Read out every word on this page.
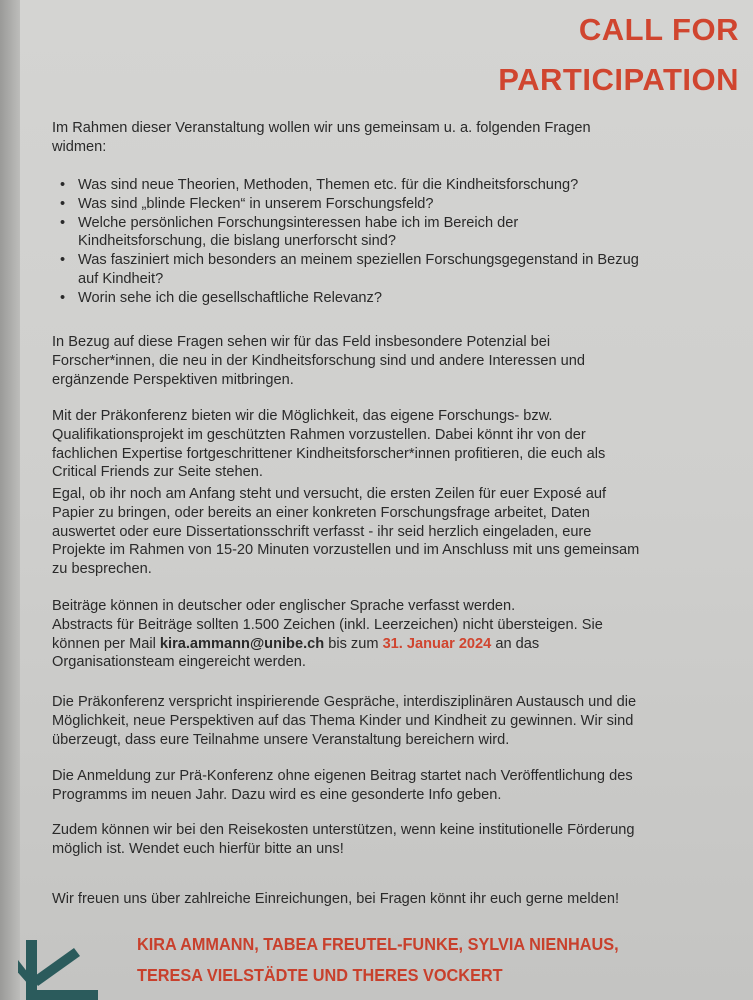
CALL FOR
PARTICIPATION
Im Rahmen dieser Veranstaltung wollen wir uns gemeinsam u. a. folgenden Fragen
widmen:
• Was sind neue Theorien, Methoden, Themen etc. für die Kindheitsforschung?
• Was sind „blinde Flecken“ in unserem Forschungsfeld?
• Welche persönlichen Forschungsinteressen habe ich im Bereich der
Kindheitsforschung, die bislang unerforscht sind?
• Was fasziniert mich besonders an meinem speziellen Forschungsgegenstand in Bezug
auf Kindheit?
• Worin sehe ich die gesellschaftliche Relevanz?
In Bezug auf diese Fragen sehen wir für das Feld insbesondere Potenzial bei
Forscher*innen, die neu in der Kindheitsforschung sind und andere Interessen und
ergänzende Perspektiven mitbringen.
Mit der Präkonferenz bieten wir die Möglichkeit, das eigene Forschungs- bzw.
Qualifikationsprojekt im geschützten Rahmen vorzustellen. Dabei könnt ihr von der
fachlichen Expertise fortgeschrittener Kindheitsforscher*innen profitieren, die euch als
Critical Friends zur Seite stehen.
Egal, ob ihr noch am Anfang steht und versucht, die ersten Zeilen für euer Exposé auf
Papier zu bringen, oder bereits an einer konkreten Forschungsfrage arbeitet, Daten
auswertet oder eure Dissertationsschrift verfasst - ihr seid herzlich eingeladen, eure
Projekte im Rahmen von 15-20 Minuten vorzustellen und im Anschluss mit uns gemeinsam
zu besprechen.
Die Präkonferenz verspricht inspirierende Gespräche, interdisziplinären Austausch und die
Möglichkeit, neue Perspektiven auf das Thema Kinder und Kindheit zu gewinnen. Wir sind
überzeugt, dass eure Teilnahme unsere Veranstaltung bereichern wird.
Die Anmeldung zur Prä-Konferenz ohne eigenen Beitrag startet nach Veröffentlichung des
Programms im neuen Jahr. Dazu wird es eine gesonderte Info geben.
Zudem können wir bei den Reisekosten unterstützen, wenn keine institutionelle Förderung
möglich ist. Wendet euch hierfür bitte an uns!
Wir freuen uns über zahlreiche Einreichungen, bei Fragen könnt ihr euch gerne melden!
Beiträge können in deutscher oder englischer Sprache verfasst werden.
Abstracts für Beiträge sollten 1.500 Zeichen (inkl. Leerzeichen) nicht übersteigen. Sie
können per Mail kira.ammann@unibe.ch bis zum 31. Januar 2024 an das
Organisationsteam eingereicht werden.
KIRA AMMANN, TABEA FREUTEL-FUNKE, SYLVIA NIENHAUS,
TERESA VIELSTÄDTE UND THERES VOCKERT
